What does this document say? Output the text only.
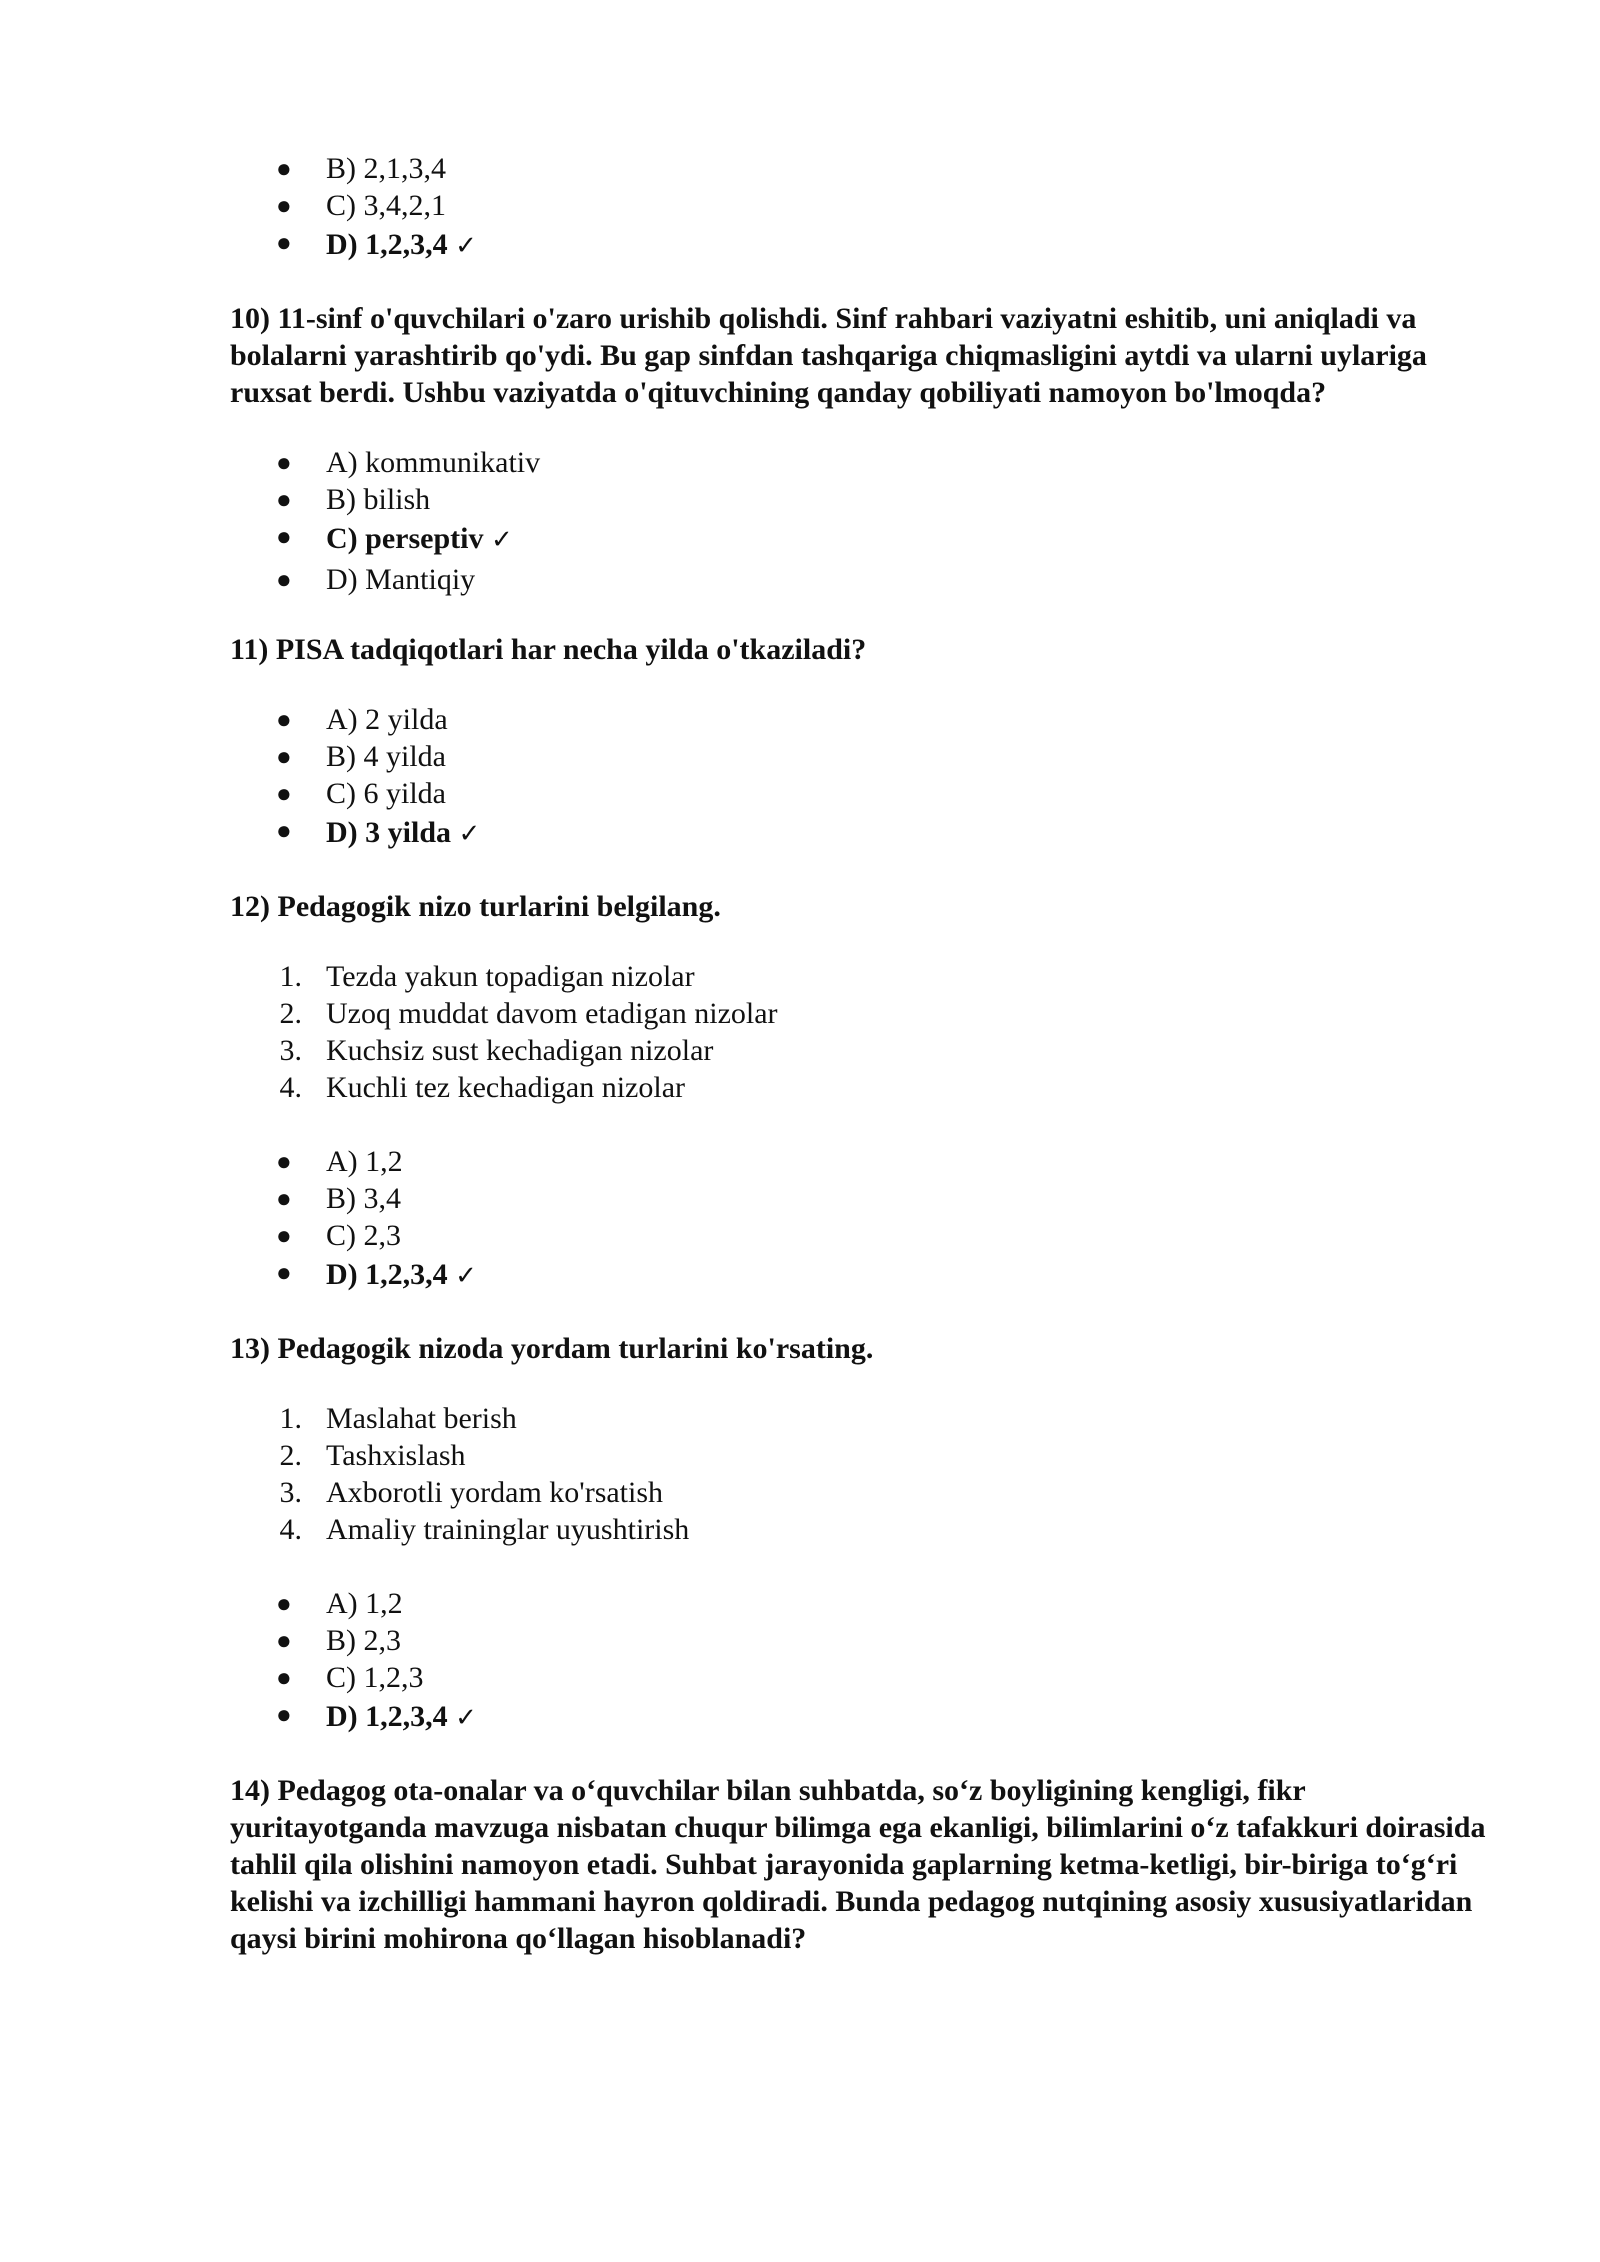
● B) 2,1,3,4
● C) 3,4,2,1
● D) 1,2,3,4 ✓

10) 11-sinf o'quvchilari o'zaro urishib qolishdi. Sinf rahbari vaziyatni eshitib, uni aniqladi va bolalarni yarashtirib qo'ydi. Bu gap sinfdan tashqariga chiqmasligini aytdi va ularni uylariga ruxsat berdi. Ushbu vaziyatda o'qituvchining qanday qobiliyati namoyon bo'lmoqda?

● A) kommunikativ
● B) bilish
● C) perseptiv ✓
● D) Mantiqiy

11) PISA tadqiqotlari har necha yilda o'tkaziladi?

● A) 2 yilda
● B) 4 yilda
● C) 6 yilda
● D) 3 yilda ✓

12) Pedagogik nizo turlarini belgilang.

1. Tezda yakun topadigan nizolar
2. Uzoq muddat davom etadigan nizolar
3. Kuchsiz sust kechadigan nizolar
4. Kuchli tez kechadigan nizolar
● A) 1,2
● B) 3,4
● C) 2,3
● D) 1,2,3,4 ✓

13) Pedagogik nizoda yordam turlarini ko'rsating.

1. Maslahat berish
2. Tashxislash
3. Axborotli yordam ko'rsatish
4. Amaliy traininglar uyushtirish
● A) 1,2
● B) 2,3
● C) 1,2,3
● D) 1,2,3,4 ✓

14) Pedagog ota-onalar va o‘quvchilar bilan suhbatda, so‘z boyligining kengligi, fikr yuritayotganda mavzuga nisbatan chuqur bilimga ega ekanligi, bilimlarini o‘z tafakkuri doirasida tahlil qila olishini namoyon etadi. Suhbat jarayonida gaplarning ketma-ketligi, bir-biriga to‘g‘ri kelishi va izchilligi hammani hayron qoldiradi. Bunda pedagog nutqining asosiy xususiyatlaridan qaysi birini mohirona qo‘llagan hisoblanadi?
